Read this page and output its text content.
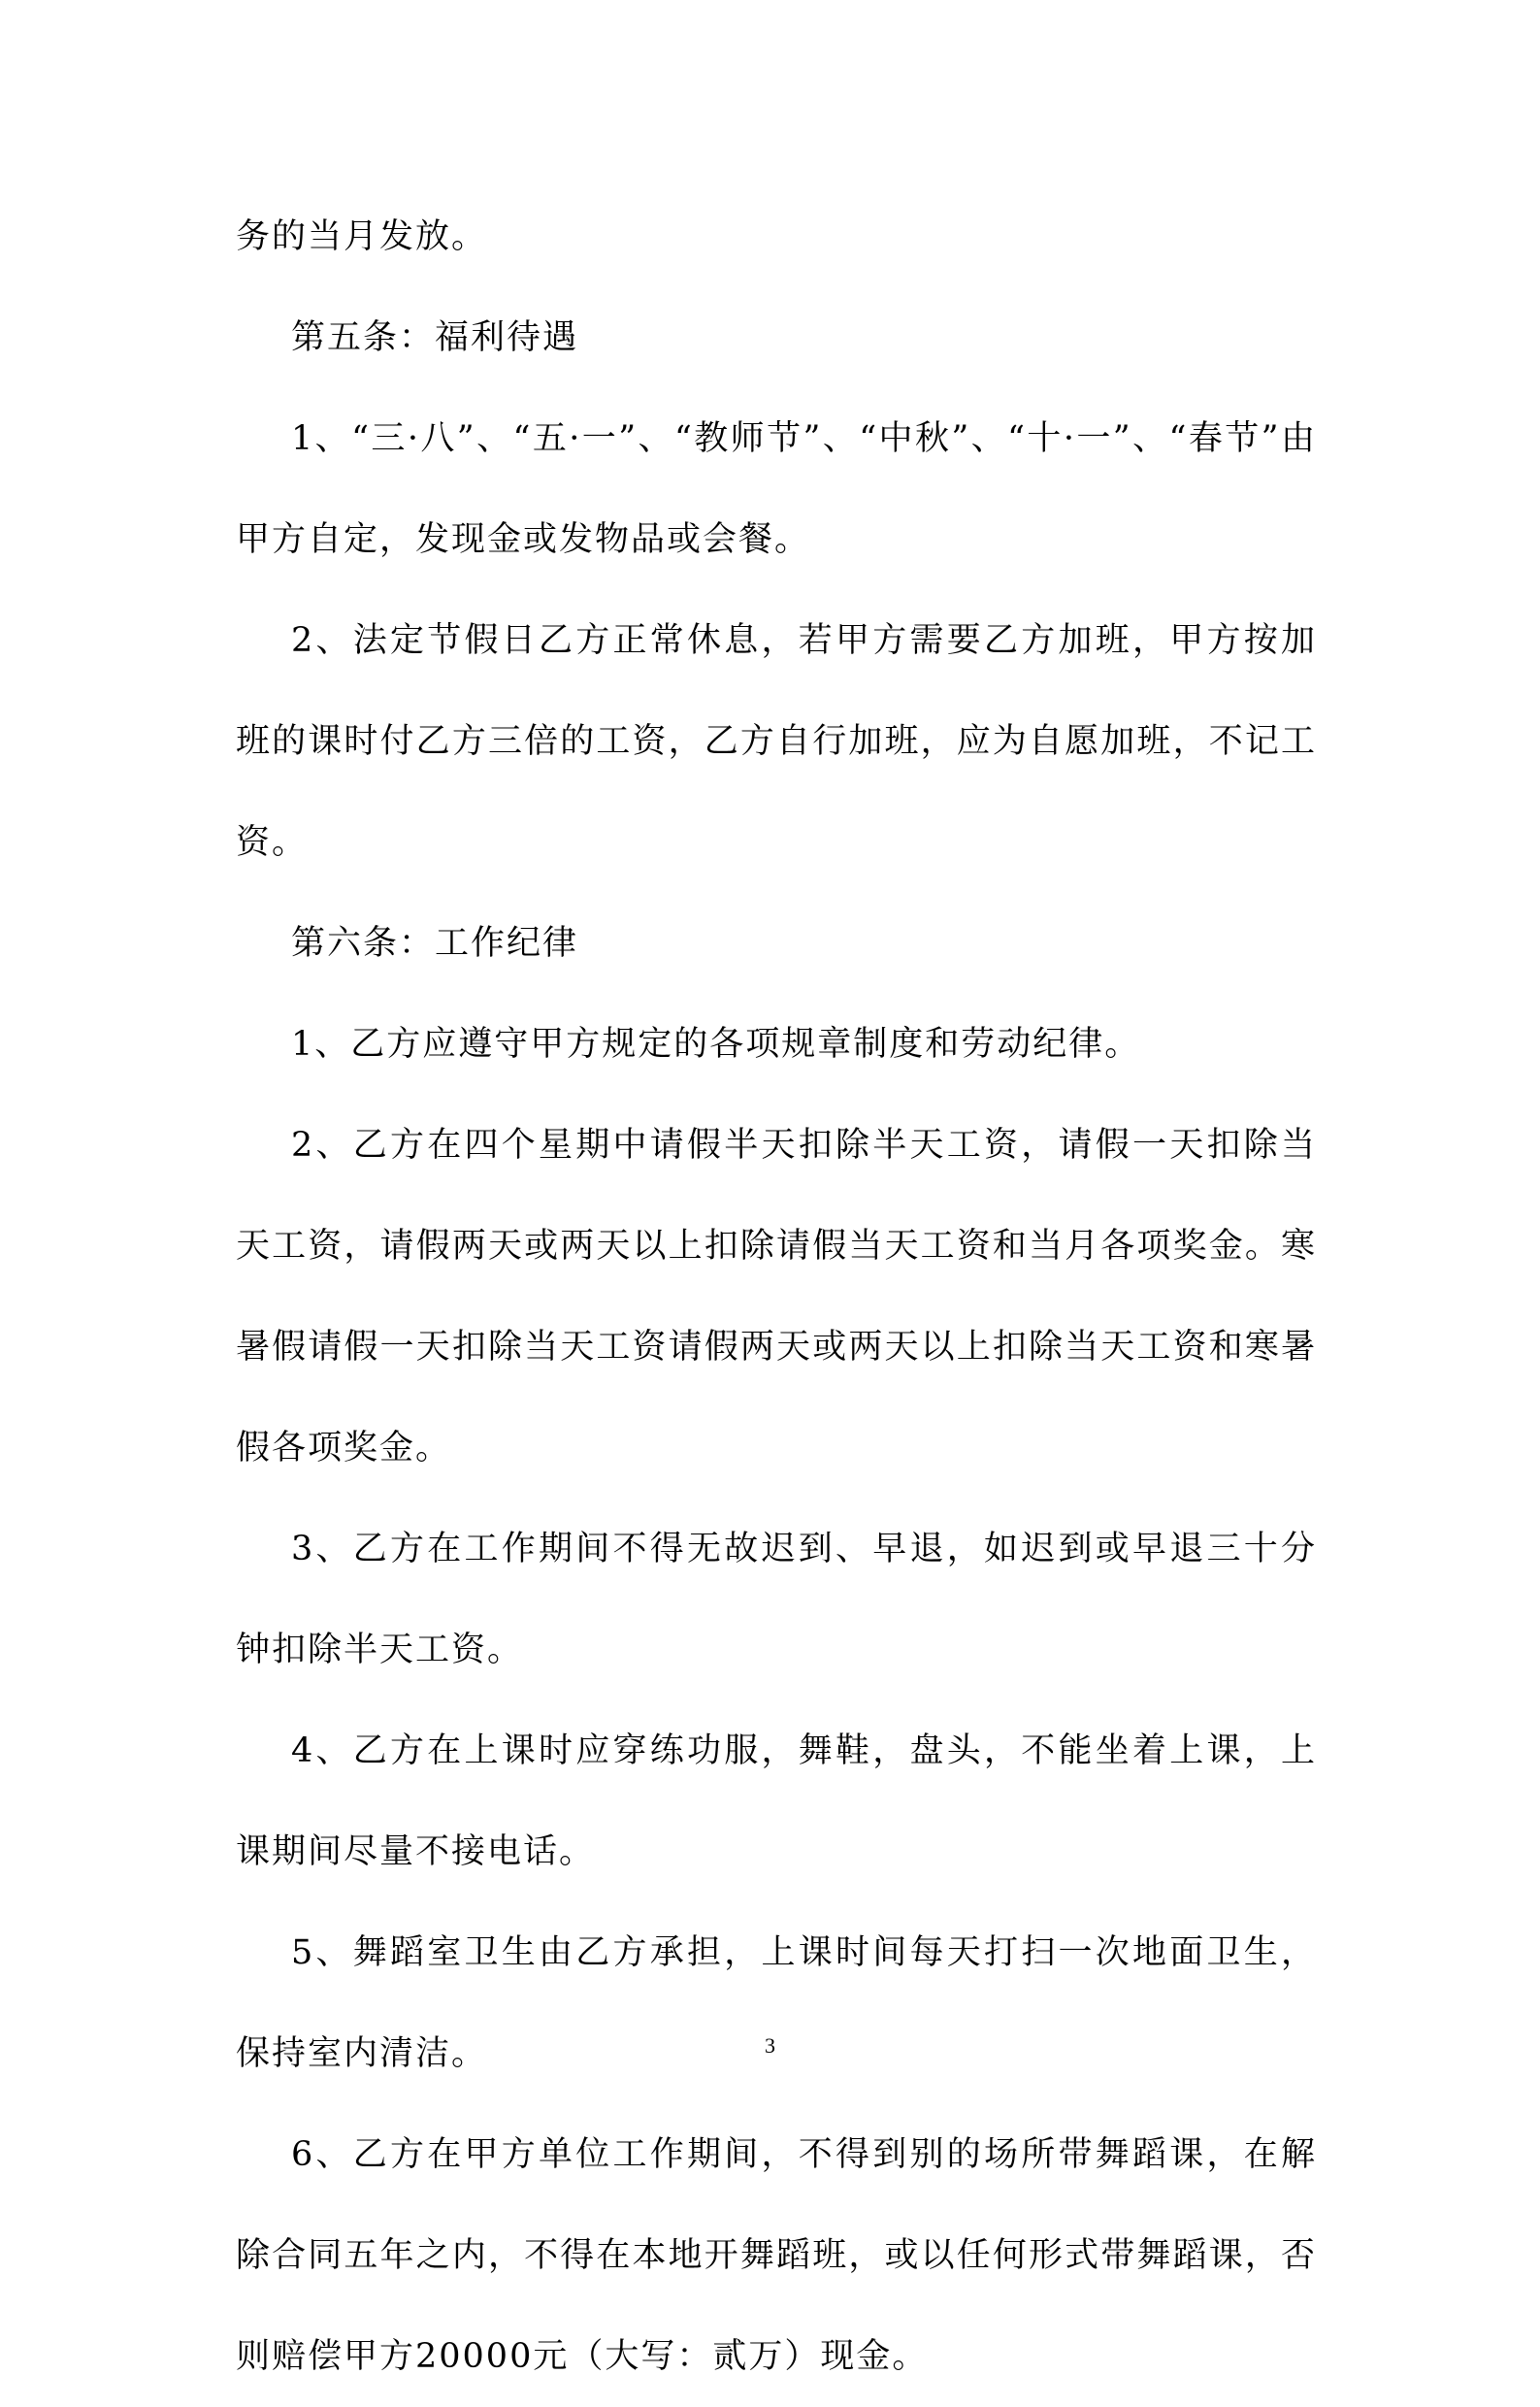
务的当月发放。

第五条：福利待遇

1、“三·八”、“五·一”、“教师节”、“中秋”、“十·一”、“春节”由甲方自定，发现金或发物品或会餐。

2、法定节假日乙方正常休息，若甲方需要乙方加班，甲方按加班的课时付乙方三倍的工资，乙方自行加班，应为自愿加班，不记工资。

第六条：工作纪律

1、乙方应遵守甲方规定的各项规章制度和劳动纪律。

2、乙方在四个星期中请假半天扣除半天工资，请假一天扣除当天工资，请假两天或两天以上扣除请假当天工资和当月各项奖金。寒暑假请假一天扣除当天工资请假两天或两天以上扣除当天工资和寒暑假各项奖金。

3、乙方在工作期间不得无故迟到、早退，如迟到或早退三十分钟扣除半天工资。

4、乙方在上课时应穿练功服，舞鞋，盘头，不能坐着上课，上课期间尽量不接电话。

5、舞蹈室卫生由乙方承担，上课时间每天打扫一次地面卫生，保持室内清洁。

6、乙方在甲方单位工作期间，不得到别的场所带舞蹈课，在解除合同五年之内，不得在本地开舞蹈班，或以任何形式带舞蹈课，否则赔偿甲方20000元（大写：贰万）现金。

3
